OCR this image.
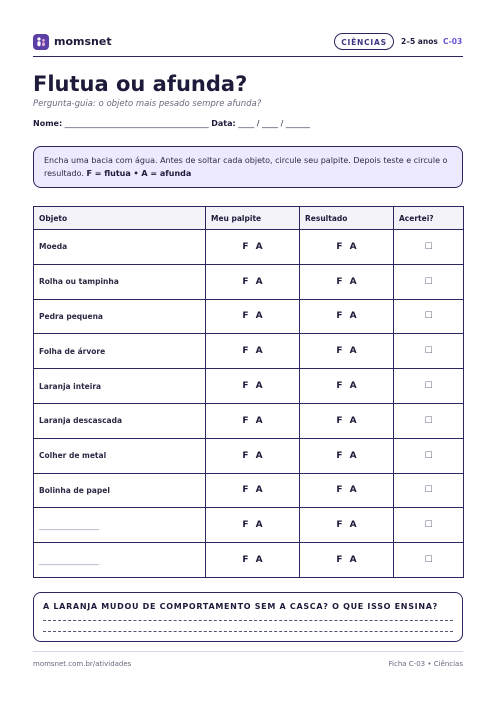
momsnet	CIÊNCIAS	2–5 anos C-03
Flutua ou afunda?
Pergunta-guia: o objeto mais pesado sempre afunda?
Nome: ____________________________________ Data: ____ / ____ / ______
Encha uma bacia com água. Antes de soltar cada objeto, circule seu palpite. Depois teste e circule o resultado. F = flutua • A = afunda
Objeto	Meu palpite	Resultado	Acertei?
Moeda	F A	F A	☐
Rolha ou tampinha	F A	F A	☐
Pedra pequena	F A	F A	☐
Folha de árvore	F A	F A	☐
Laranja inteira	F A	F A	☐
Laranja descascada	F A	F A	☐
Colher de metal	F A	F A	☐
Bolinha de papel	F A	F A	☐
________________	F A	F A	☐
________________	F A	F A	☐
A LARANJA MUDOU DE COMPORTAMENTO SEM A CASCA? O QUE ISSO ENSINA?
momsnet.com.br/atividades	Ficha C-03 • Ciências
